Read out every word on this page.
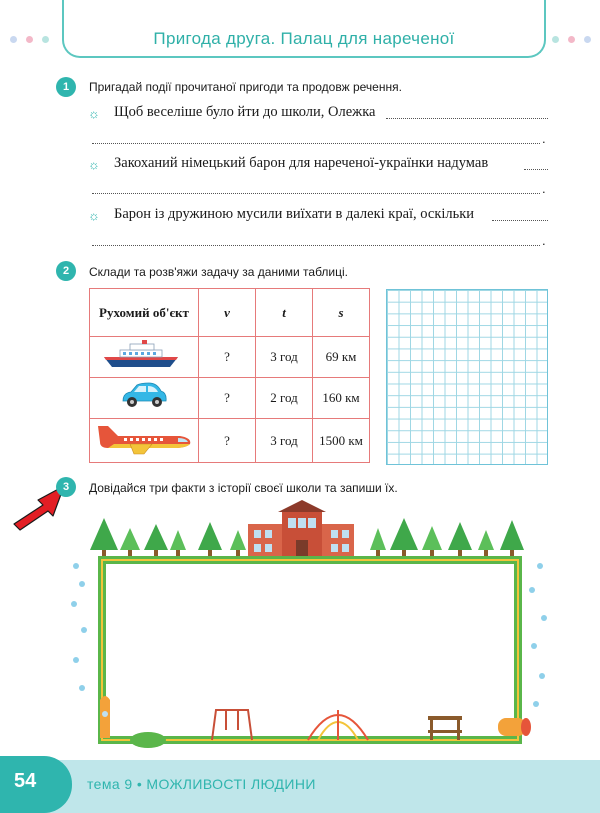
Пригода друга. Палац для нареченої
1	Пригадай події прочитаної пригоди та продовж речення.
☼ Щоб веселіше було йти до школи, Олежка
.
☼ Закоханий німецький барон для нареченої-українки надумав
.
☼ Барон із дружиною мусили виїхати в далекі краї, оскільки
.
2	Склади та розв'яжи задачу за даними таблиці.
Рухомий об'єкт	v	t	s
	?	3 год	69 км
	?	2 год	160 км
	?	3 год	1500 км
3	Довідайся три факти з історії своєї школи та запиши їх.
54	тема 9 • МОЖЛИВОСТІ ЛЮДИНИ
